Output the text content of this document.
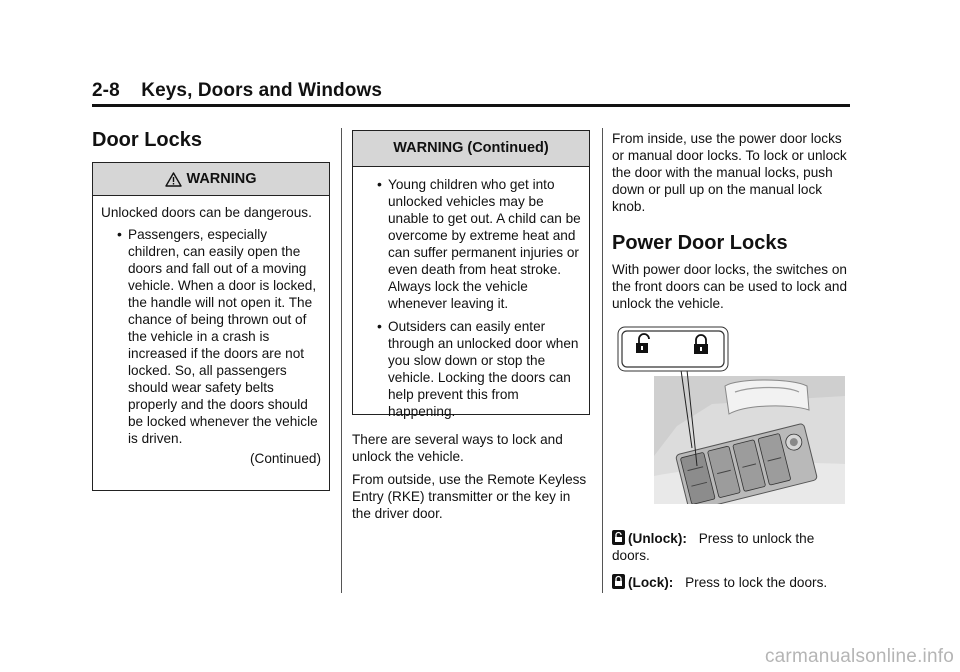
2-8 Keys, Doors and Windows
Door Locks
WARNING
Unlocked doors can be dangerous.
• Passengers, especially children, can easily open the doors and fall out of a moving vehicle. When a door is locked, the handle will not open it. The chance of being thrown out of the vehicle in a crash is increased if the doors are not locked. So, all passengers should wear safety belts properly and the doors should be locked whenever the vehicle is driven.
(Continued)
WARNING (Continued)
• Young children who get into unlocked vehicles may be unable to get out. A child can be overcome by extreme heat and can suffer permanent injuries or even death from heat stroke. Always lock the vehicle whenever leaving it.
• Outsiders can easily enter through an unlocked door when you slow down or stop the vehicle. Locking the doors can help prevent this from happening.

There are several ways to lock and unlock the vehicle.

From outside, use the Remote Keyless Entry (RKE) transmitter or the key in the driver door.

From inside, use the power door locks or manual door locks. To lock or unlock the door with the manual locks, push down or pull up on the manual lock knob.

Power Door Locks

With power door locks, the switches on the front doors can be used to lock and unlock the vehicle.

(Unlock): Press to unlock the doors.

(Lock): Press to lock the doors.

carmanualsonline.info
